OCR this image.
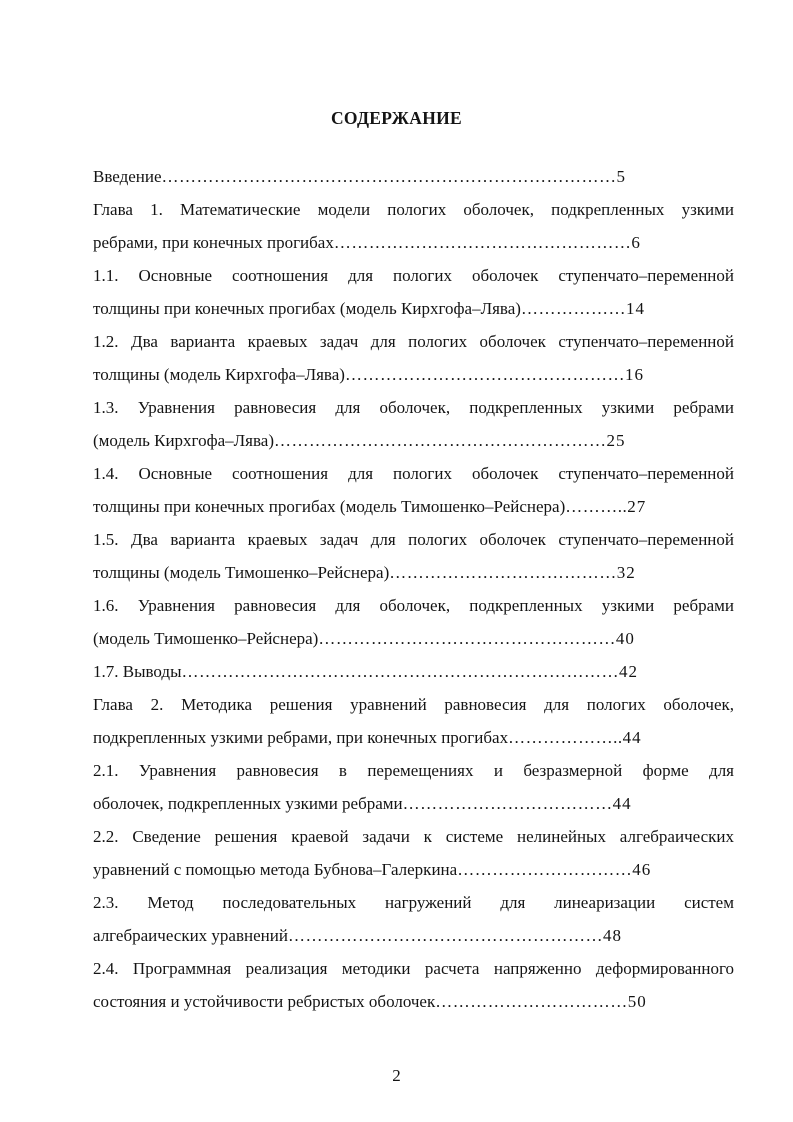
СОДЕРЖАНИЕ
Введение …………………………………………………………………… 5
Глава 1. Математические модели пологих оболочек, подкрепленных узкими
ребрами, при конечных прогибах …………………………………………… 6
1.1. Основные соотношения для пологих оболочек ступенчато–переменной
толщины при конечных прогибах (модель Кирхгофа–Лява) ……………… 14
1.2. Два варианта краевых задач для пологих оболочек ступенчато–переменной
толщины (модель Кирхгофа–Лява) ………………………………………… 16
1.3. Уравнения равновесия для оболочек, подкрепленных узкими ребрами
(модель Кирхгофа–Лява) ………………………………………………… 25
1.4. Основные соотношения для пологих оболочек ступенчато–переменной
толщины при конечных прогибах (модель Тимошенко–Рейснера) ……….. 27
1.5. Два варианта краевых задач для пологих оболочек ступенчато–переменной
толщины (модель Тимошенко–Рейснера) ………………………………… 32
1.6. Уравнения равновесия для оболочек, подкрепленных узкими ребрами
(модель Тимошенко–Рейснера) …………………………………………… 40
1.7. Выводы ………………………………………………………………… 42
Глава 2. Методика решения уравнений равновесия для пологих оболочек,
подкрепленных узкими ребрами, при конечных прогибах ……………….. 44
2.1. Уравнения равновесия в перемещениях и безразмерной форме для
оболочек, подкрепленных узкими ребрами ……………………………… 44
2.2. Сведение решения краевой задачи к системе нелинейных алгебраических
уравнений с помощью метода Бубнова–Галеркина ………………………… 46
2.3. Метод последовательных нагружений для линеаризации систем
алгебраических уравнений ……………………………………………… 48
2.4. Программная реализация методики расчета напряженно деформированного
состояния и устойчивости ребристых оболочек …………………………… 50
2
